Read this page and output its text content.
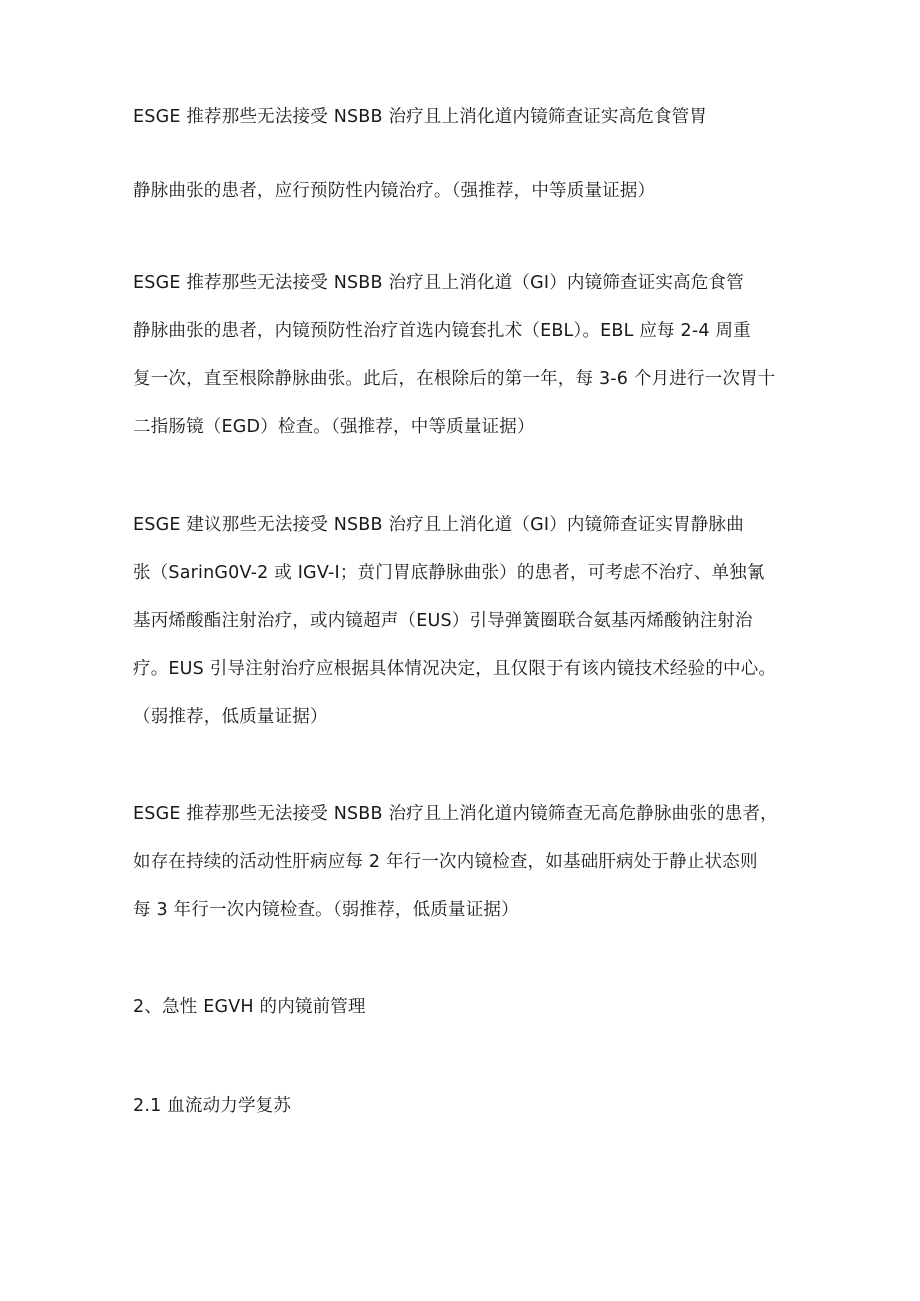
ESGE 推荐那些无法接受 NSBB 治疗且上消化道内镜筛查证实高危食管胃

静脉曲张的患者，应行预防性内镜治疗。（强推荐，中等质量证据）

ESGE 推荐那些无法接受 NSBB 治疗且上消化道（GI）内镜筛查证实高危食管

静脉曲张的患者，内镜预防性治疗首选内镜套扎术（EBL）。EBL 应每 2-4 周重

复一次，直至根除静脉曲张。此后，在根除后的第一年，每 3-6 个月进行一次胃十

二指肠镜（EGD）检查。（强推荐，中等质量证据）

ESGE 建议那些无法接受 NSBB 治疗且上消化道（GI）内镜筛查证实胃静脉曲

张（SarinG0V-2 或 IGV-I；贲门胃底静脉曲张）的患者，可考虑不治疗、单独氰

基丙烯酸酯注射治疗，或内镜超声（EUS）引导弹簧圈联合氨基丙烯酸钠注射治

疗。EUS 引导注射治疗应根据具体情况决定，且仅限于有该内镜技术经验的中心。

（弱推荐，低质量证据）

ESGE 推荐那些无法接受 NSBB 治疗且上消化道内镜筛查无高危静脉曲张的患者，

如存在持续的活动性肝病应每 2 年行一次内镜检查，如基础肝病处于静止状态则

每 3 年行一次内镜检查。（弱推荐，低质量证据）

2、急性 EGVH 的内镜前管理

2.1 血流动力学复苏
